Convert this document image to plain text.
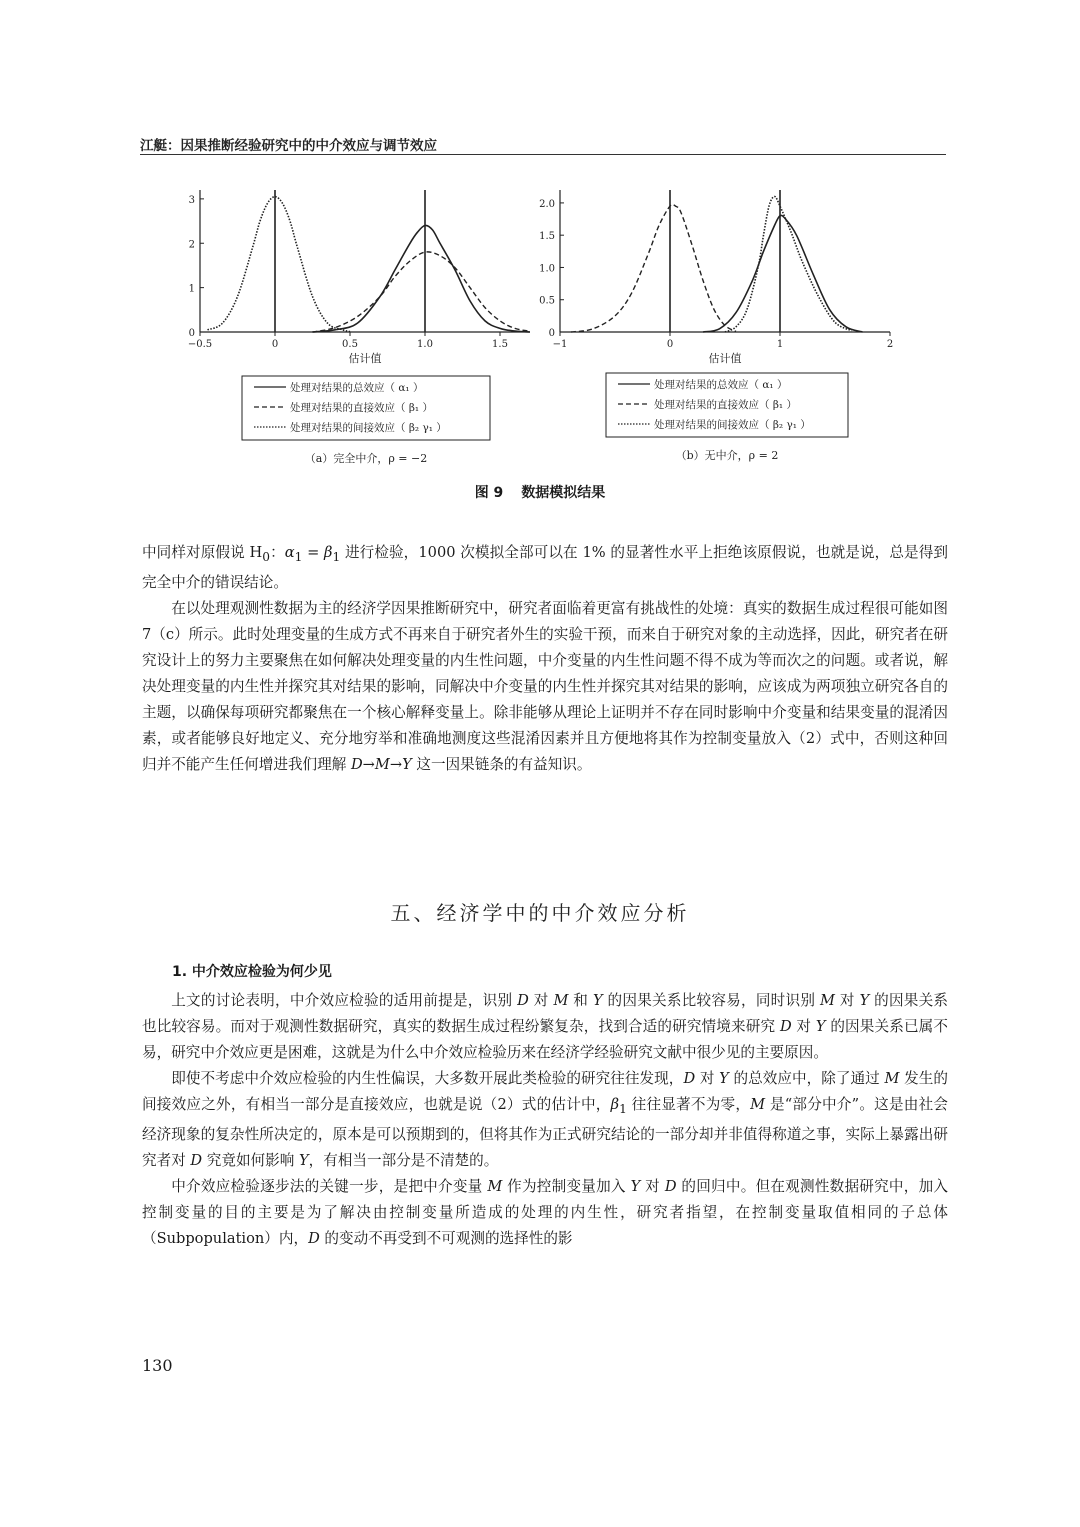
江艇：因果推断经验研究中的中介效应与调节效应
−0.5	0	0.5	1.0	1.5
0
1
2
3
估计值
（a）完全中介，ρ = −2
处理对结果的总效应（ α₁ ）
处理对结果的直接效应（ β₁ ）
处理对结果的间接效应（ β₂ γ₁ ）
−1	0	1	2
0
0.5
1.0
1.5
2.0
估计值
（b）无中介，ρ = 2
处理对结果的总效应（ α₁ ）
处理对结果的直接效应（ β₁ ）
处理对结果的间接效应（ β₂ γ₁ ）
图 9 数据模拟结果

中同样对原假说 $H_0$：$\alpha_1 = \beta_1$ 进行检验，1000 次模拟全部可以在 1% 的显著性水平上拒绝该原假说，也就是说，总是得到完全中介的错误结论。

在以处理观测性数据为主的经济学因果推断研究中，研究者面临着更富有挑战性的处境：真实的数据生成过程很可能如图 7（c）所示。此时处理变量的生成方式不再来自于研究者外生的实验干预，而来自于研究对象的主动选择，因此，研究者在研究设计上的努力主要聚焦在如何解决处理变量的内生性问题，中介变量的内生性问题不得不成为等而次之的问题。或者说，解决处理变量的内生性并探究其对结果的影响，同解决中介变量的内生性并探究其对结果的影响，应该成为两项独立研究各自的主题，以确保每项研究都聚焦在一个核心解释变量上。除非能够从理论上证明并不存在同时影响中介变量和结果变量的混淆因素，或者能够良好地定义、充分地穷举和准确地测度这些混淆因素并且方便地将其作为控制变量放入（2）式中，否则这种回归并不能产生任何增进我们理解 D→M→Y 这一因果链条的有益知识。

五、经济学中的中介效应分析
1. 中介效应检验为何少见

上文的讨论表明，中介效应检验的适用前提是，识别 D 对 M 和 Y 的因果关系比较容易，同时识别 M 对 Y 的因果关系也比较容易。而对于观测性数据研究，真实的数据生成过程纷繁复杂，找到合适的研究情境来研究 D 对 Y 的因果关系已属不易，研究中介效应更是困难，这就是为什么中介效应检验历来在经济学经验研究文献中很少见的主要原因。

即使不考虑中介效应检验的内生性偏误，大多数开展此类检验的研究往往发现，D 对 Y 的总效应中，除了通过 M 发生的间接效应之外，有相当一部分是直接效应，也就是说（2）式的估计中，$\beta_1$ 往往显著不为零，M 是“部分中介”。这是由社会经济现象的复杂性所决定的，原本是可以预期到的，但将其作为正式研究结论的一部分却并非值得称道之事，实际上暴露出研究者对 D 究竟如何影响 Y，有相当一部分是不清楚的。

中介效应检验逐步法的关键一步，是把中介变量 M 作为控制变量加入 Y 对 D 的回归中。但在观测性数据研究中，加入控制变量的目的主要是为了解决由控制变量所造成的处理的内生性，研究者指望，在控制变量取值相同的子总体（Subpopulation）内，D 的变动不再受到不可观测的选择性的影

130
